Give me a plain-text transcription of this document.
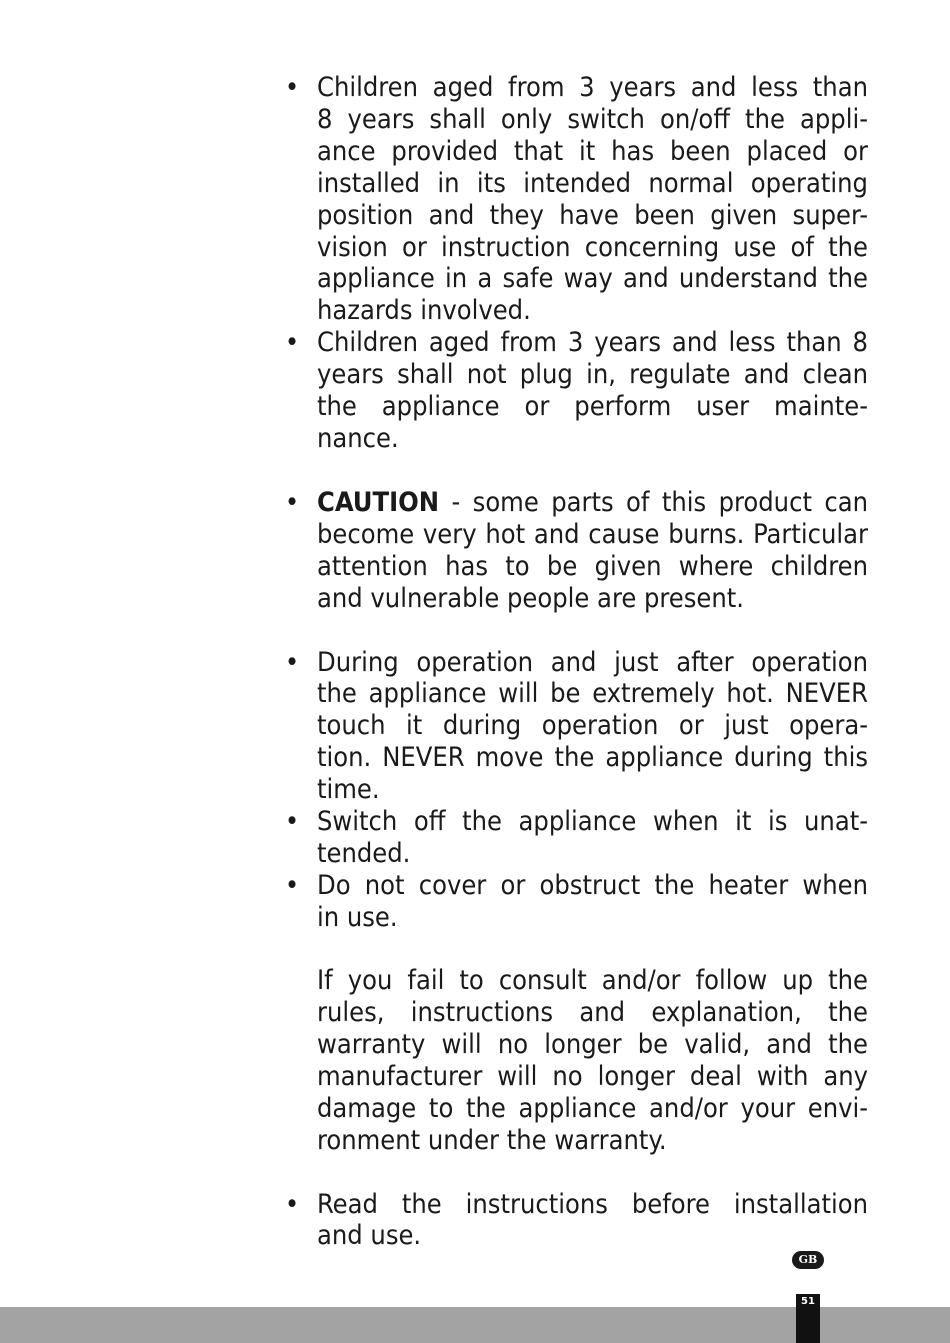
• Children aged from 3 years and less than
8 years shall only switch on/off the appli-
ance provided that it has been placed or
installed in its intended normal operating
position and they have been given super-
vision or instruction concerning use of the
appliance in a safe way and understand the
hazards involved.
• Children aged from 3 years and less than 8
years shall not plug in, regulate and clean
the appliance or perform user mainte-
nance.
• CAUTION - some parts of this product can
become very hot and cause burns. Particular
attention has to be given where children
and vulnerable people are present.
• During operation and just after operation
the appliance will be extremely hot. NEVER
touch it during operation or just opera-
tion. NEVER move the appliance during this
time.
• Switch off the appliance when it is unat-
tended.
• Do not cover or obstruct the heater when
in use.
If you fail to consult and/or follow up the
rules, instructions and explanation, the
warranty will no longer be valid, and the
manufacturer will no longer deal with any
damage to the appliance and/or your envi-
ronment under the warranty.
• Read the instructions before installation
and use.
GB
51
